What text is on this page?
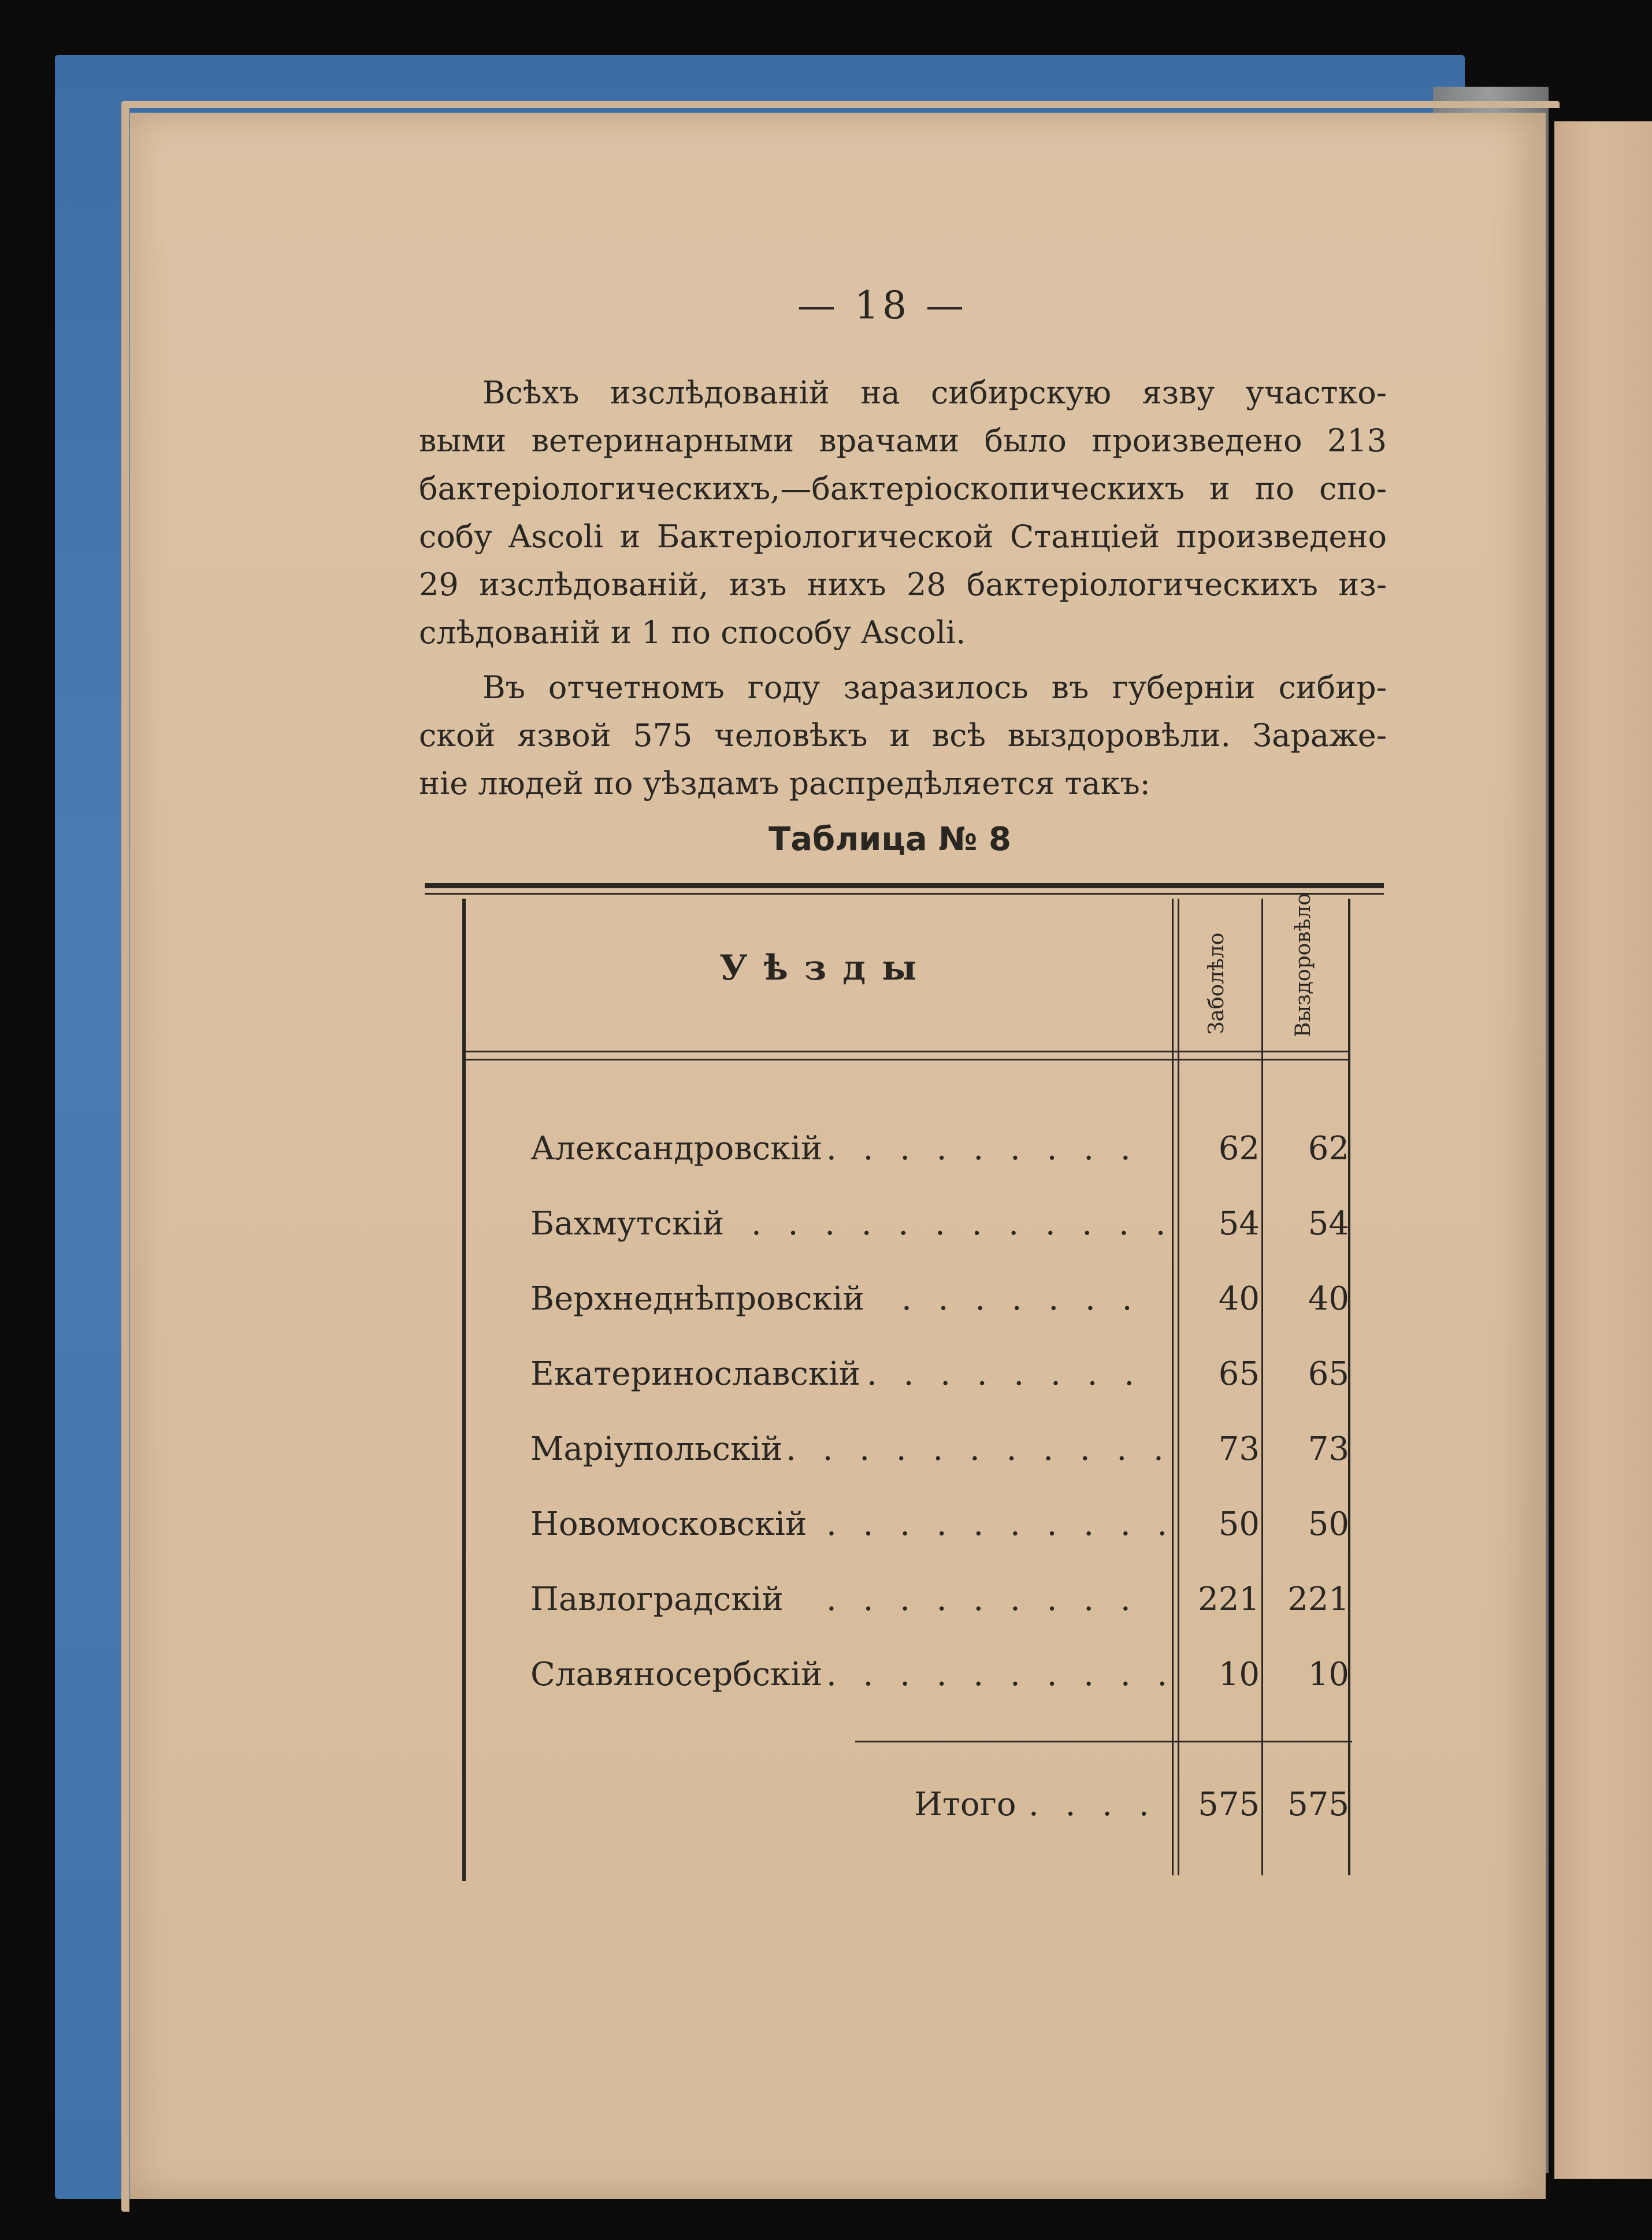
— 18 —
Всѣхъ изслѣдованій на сибирскую язву участко-
выми ветеринарными врачами было произведено 213
бактеріологическихъ,—бактеріоскопическихъ и по спо-
собу Ascoli и Бактеріологической Станціей произведено
29 изслѣдованій, изъ нихъ 28 бактеріологическихъ из-
слѣдованій и 1 по способу Ascoli.
Въ отчетномъ году заразилось въ губерніи сибир-
ской язвой 575 человѣкъ и всѣ выздоровѣли. Зараже-
ніе людей по уѣздамъ распредѣляется такъ:
Таблица № 8
Уѣзды	Заболѣло	Выздоровѣло
Александровскій . . . . . . . . .	62	62
Бахмутскій . . . . . . . . . . . .	54	54
Верхнеднѣпровскій . . . . . . .	40	40
Екатеринославскій . . . . . . . .	65	65
Маріупольскій . . . . . . . . . . .	73	73
Новомосковскій . . . . . . . . . .	50	50
Павлоградскій . . . . . . . . . 221 221
Славяносербскій . . . . . . . . . .	10	10
Итого . . . . 575 575
